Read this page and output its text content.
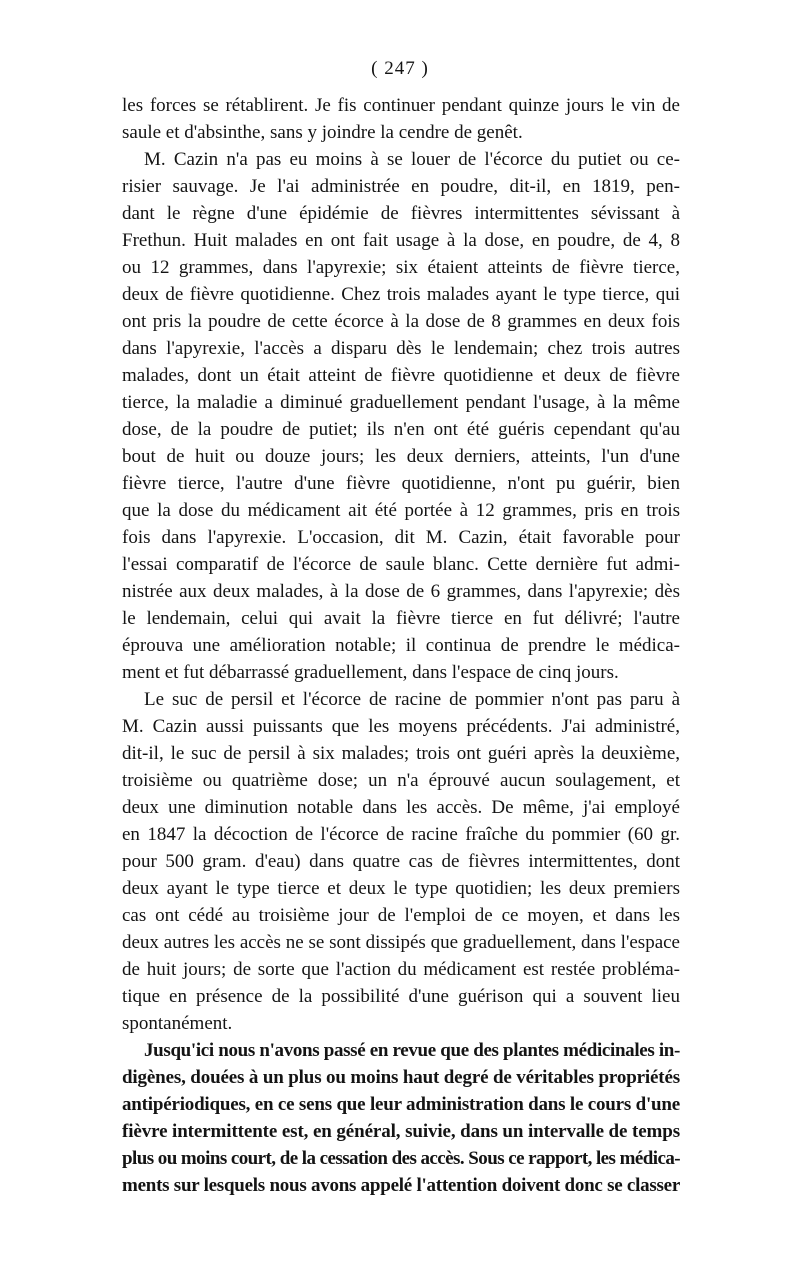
( 247 )
les forces se rétablirent. Je fis continuer pendant quinze jours le vin de
saule et d'absinthe, sans y joindre la cendre de genêt.
M. Cazin n'a pas eu moins à se louer de l'écorce du putiet ou ce-
risier sauvage. Je l'ai administrée en poudre, dit-il, en 1819, pen-
dant le règne d'une épidémie de fièvres intermittentes sévissant à
Frethun. Huit malades en ont fait usage à la dose, en poudre, de 4, 8
ou 12 grammes, dans l'apyrexie; six étaient atteints de fièvre tierce,
deux de fièvre quotidienne. Chez trois malades ayant le type tierce, qui
ont pris la poudre de cette écorce à la dose de 8 grammes en deux fois
dans l'apyrexie, l'accès a disparu dès le lendemain; chez trois autres
malades, dont un était atteint de fièvre quotidienne et deux de fièvre
tierce, la maladie a diminué graduellement pendant l'usage, à la même
dose, de la poudre de putiet; ils n'en ont été guéris cependant qu'au
bout de huit ou douze jours; les deux derniers, atteints, l'un d'une
fièvre tierce, l'autre d'une fièvre quotidienne, n'ont pu guérir, bien
que la dose du médicament ait été portée à 12 grammes, pris en trois
fois dans l'apyrexie. L'occasion, dit M. Cazin, était favorable pour
l'essai comparatif de l'écorce de saule blanc. Cette dernière fut admi-
nistrée aux deux malades, à la dose de 6 grammes, dans l'apyrexie; dès
le lendemain, celui qui avait la fièvre tierce en fut délivré; l'autre
éprouva une amélioration notable; il continua de prendre le médica-
ment et fut débarrassé graduellement, dans l'espace de cinq jours.
Le suc de persil et l'écorce de racine de pommier n'ont pas paru à
M. Cazin aussi puissants que les moyens précédents. J'ai administré,
dit-il, le suc de persil à six malades; trois ont guéri après la deuxième,
troisième ou quatrième dose; un n'a éprouvé aucun soulagement, et
deux une diminution notable dans les accès. De même, j'ai employé
en 1847 la décoction de l'écorce de racine fraîche du pommier (60 gr.
pour 500 gram. d'eau) dans quatre cas de fièvres intermittentes, dont
deux ayant le type tierce et deux le type quotidien; les deux premiers
cas ont cédé au troisième jour de l'emploi de ce moyen, et dans les
deux autres les accès ne se sont dissipés que graduellement, dans l'espace
de huit jours; de sorte que l'action du médicament est restée probléma-
tique en présence de la possibilité d'une guérison qui a souvent lieu
spontanément.
Jusqu'ici nous n'avons passé en revue que des plantes médicinales in-
digènes, douées à un plus ou moins haut degré de véritables propriétés
antipériodiques, en ce sens que leur administration dans le cours d'une
fièvre intermittente est, en général, suivie, dans un intervalle de temps
plus ou moins court, de la cessation des accès. Sous ce rapport, les médica-
ments sur lesquels nous avons appelé l'attention doivent donc se classer
